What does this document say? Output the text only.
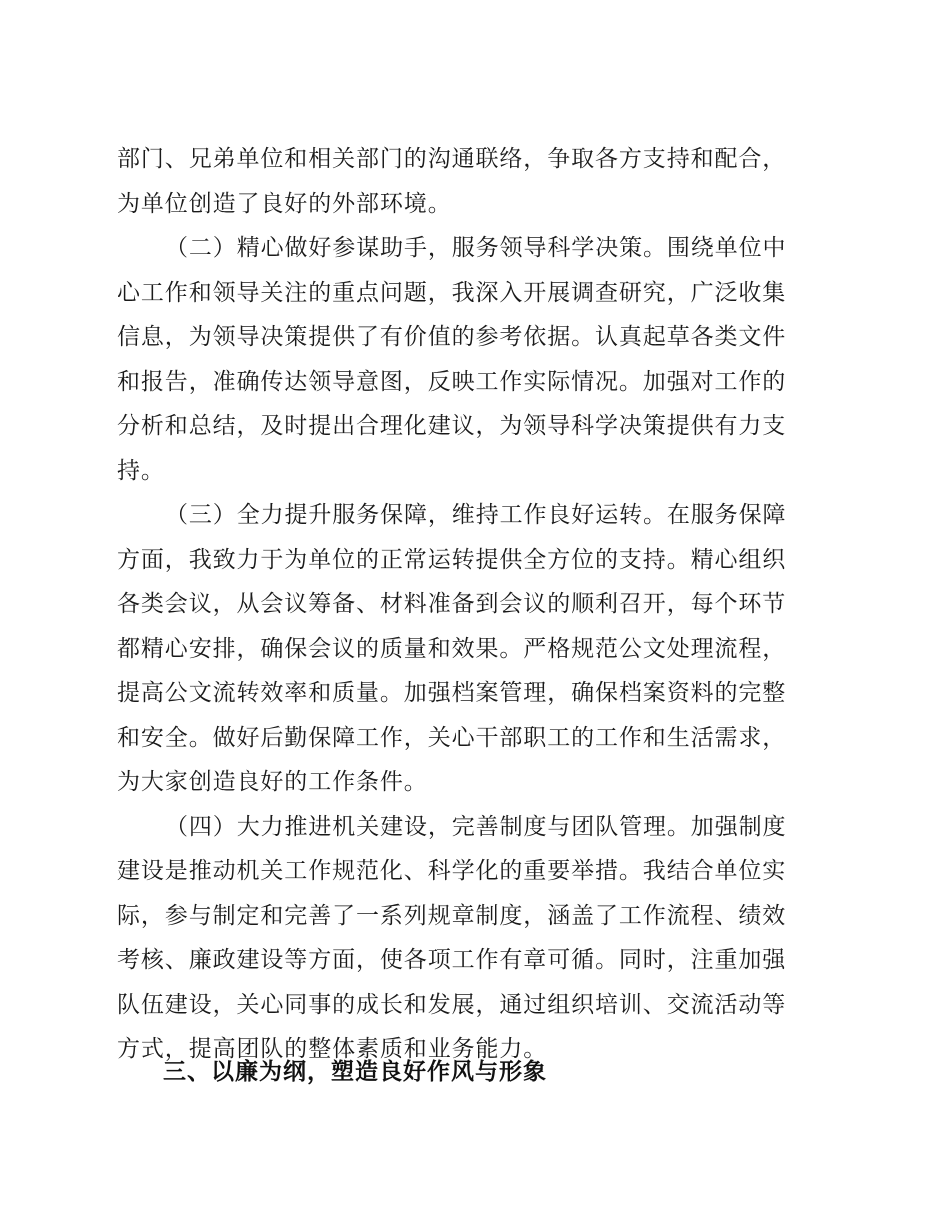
部门、兄弟单位和相关部门的沟通联络，争取各方支持和配合，
为单位创造了良好的外部环境。
（二）精心做好参谋助手，服务领导科学决策。围绕单位中
心工作和领导关注的重点问题，我深入开展调查研究，广泛收集
信息，为领导决策提供了有价值的参考依据。认真起草各类文件
和报告，准确传达领导意图，反映工作实际情况。加强对工作的
分析和总结，及时提出合理化建议，为领导科学决策提供有力支
持。
（三）全力提升服务保障，维持工作良好运转。在服务保障
方面，我致力于为单位的正常运转提供全方位的支持。精心组织
各类会议，从会议筹备、材料准备到会议的顺利召开，每个环节
都精心安排，确保会议的质量和效果。严格规范公文处理流程，
提高公文流转效率和质量。加强档案管理，确保档案资料的完整
和安全。做好后勤保障工作，关心干部职工的工作和生活需求，
为大家创造良好的工作条件。
（四）大力推进机关建设，完善制度与团队管理。加强制度
建设是推动机关工作规范化、科学化的重要举措。我结合单位实
际，参与制定和完善了一系列规章制度，涵盖了工作流程、绩效
考核、廉政建设等方面，使各项工作有章可循。同时，注重加强
队伍建设，关心同事的成长和发展，通过组织培训、交流活动等
方式，提高团队的整体素质和业务能力。
三、以廉为纲，塑造良好作风与形象
